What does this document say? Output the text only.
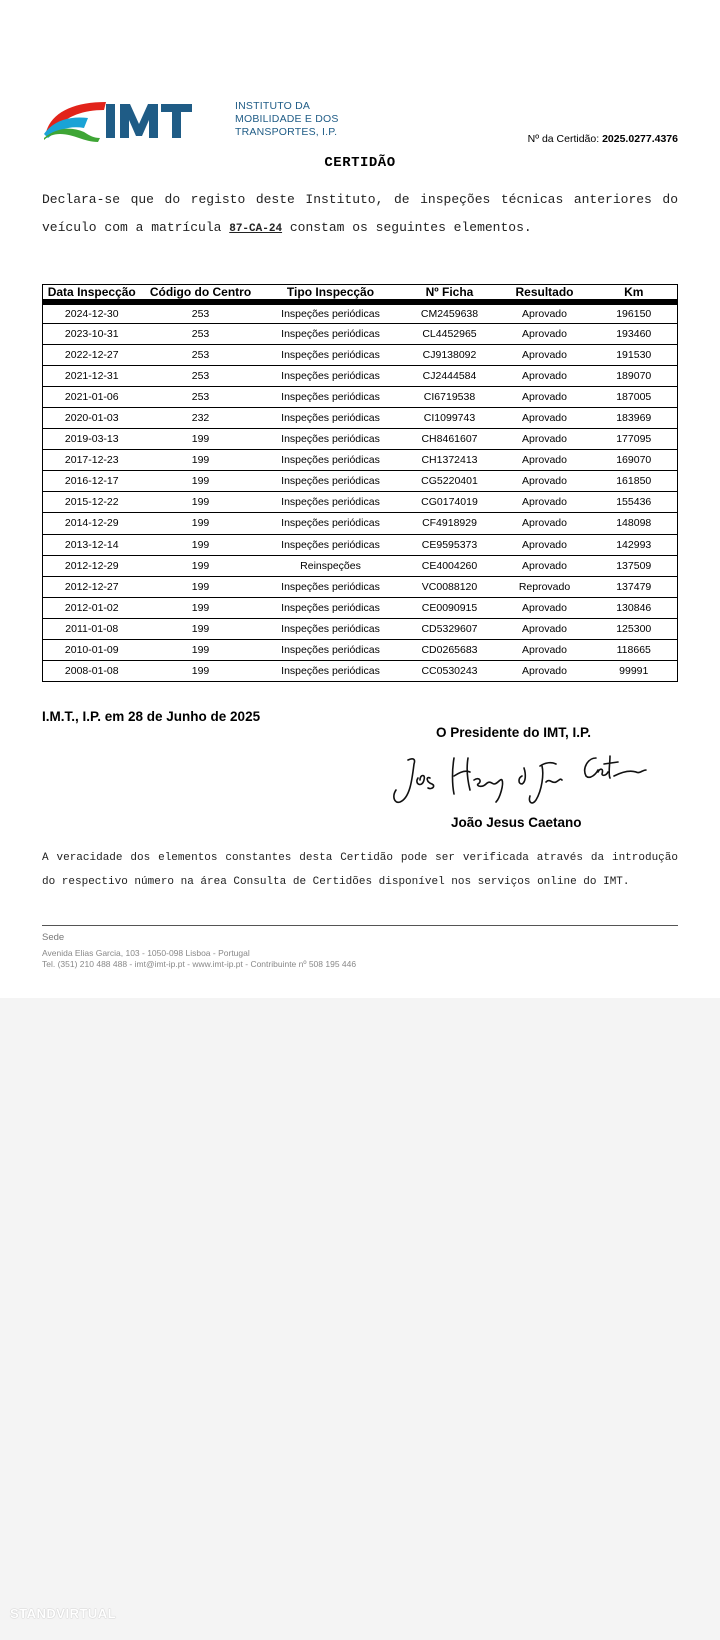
INSTITUTO DA
MOBILIDADE E DOS
TRANSPORTES, I.P.
Nº da Certidão: 2025.0277.4376
CERTIDÃO

Declara-se que do registo deste Instituto, de inspeções técnicas anteriores do veículo com a matrícula 87-CA-24 constam os seguintes elementos.

Data Inspecção	Código do Centro	Tipo Inspecção	Nº Ficha	Resultado	Km
2024-12-30	253	Inspeções periódicas	CM2459638	Aprovado	196150
2023-10-31	253	Inspeções periódicas	CL4452965	Aprovado	193460
2022-12-27	253	Inspeções periódicas	CJ9138092	Aprovado	191530
2021-12-31	253	Inspeções periódicas	CJ2444584	Aprovado	189070
2021-01-06	253	Inspeções periódicas	CI6719538	Aprovado	187005
2020-01-03	232	Inspeções periódicas	CI1099743	Aprovado	183969
2019-03-13	199	Inspeções periódicas	CH8461607	Aprovado	177095
2017-12-23	199	Inspeções periódicas	CH1372413	Aprovado	169070
2016-12-17	199	Inspeções periódicas	CG5220401	Aprovado	161850
2015-12-22	199	Inspeções periódicas	CG0174019	Aprovado	155436
2014-12-29	199	Inspeções periódicas	CF4918929	Aprovado	148098
2013-12-14	199	Inspeções periódicas	CE9595373	Aprovado	142993
2012-12-29	199	Reinspeções	CE4004260	Aprovado	137509
2012-12-27	199	Inspeções periódicas	VC0088120	Reprovado	137479
2012-01-02	199	Inspeções periódicas	CE0090915	Aprovado	130846
2011-01-08	199	Inspeções periódicas	CD5329607	Aprovado	125300
2010-01-09	199	Inspeções periódicas	CD0265683	Aprovado	118665
2008-01-08	199	Inspeções periódicas	CC0530243	Aprovado	99991
I.M.T., I.P. em 28 de Junho de 2025
O Presidente do IMT, I.P.
João Jesus Caetano

A veracidade dos elementos constantes desta Certidão pode ser verificada através da introdução do respectivo número na área Consulta de Certidões disponível nos serviços online do IMT.

Sede
Avenida Elias Garcia, 103 - 1050-098 Lisboa - Portugal
Tel. (351) 210 488 488 - imt@imt-ip.pt - www.imt-ip.pt - Contribuinte nº 508 195 446
STANDVIRTUAL
